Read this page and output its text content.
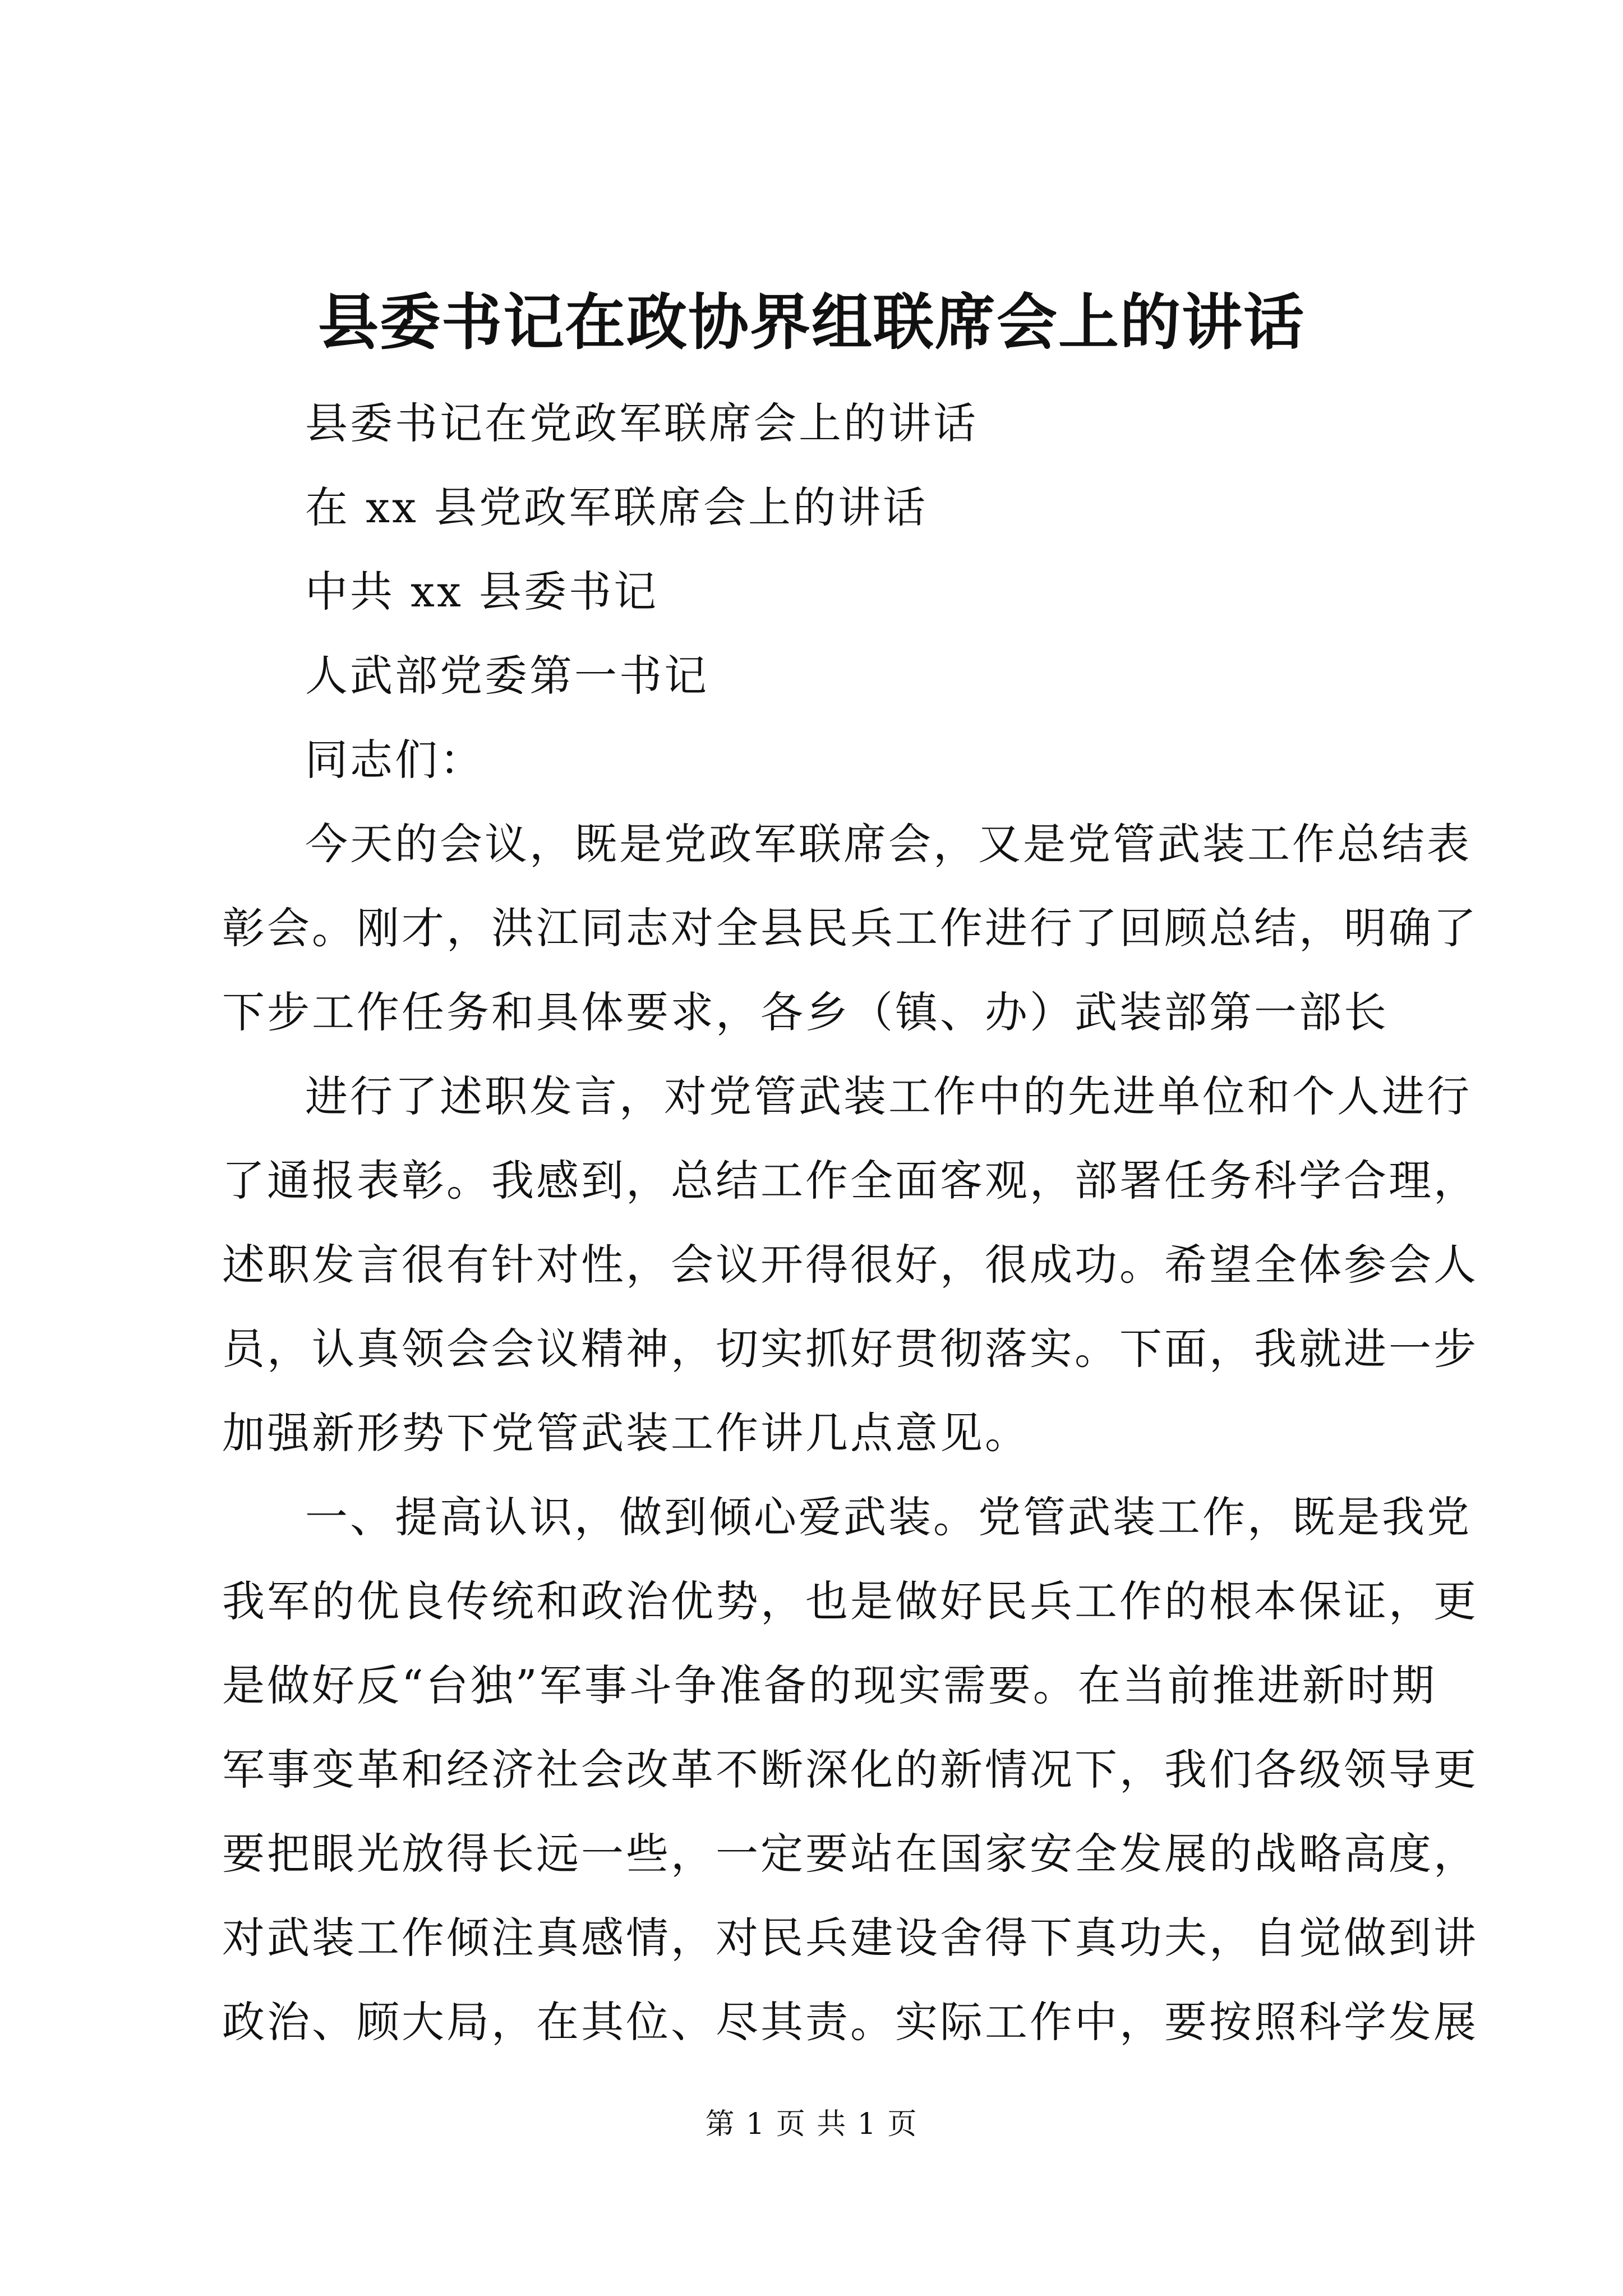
县委书记在政协界组联席会上的讲话
县委书记在党政军联席会上的讲话
在 xx 县党政军联席会上的讲话
中共 xx 县委书记
人武部党委第一书记
同志们：
今天的会议，既是党政军联席会，又是党管武装工作总结表
彰会。刚才，洪江同志对全县民兵工作进行了回顾总结，明确了
下步工作任务和具体要求，各乡（镇、办）武装部第一部长
进行了述职发言，对党管武装工作中的先进单位和个人进行
了通报表彰。我感到，总结工作全面客观，部署任务科学合理，
述职发言很有针对性，会议开得很好，很成功。希望全体参会人
员，认真领会会议精神，切实抓好贯彻落实。下面，我就进一步
加强新形势下党管武装工作讲几点意见。
一、提高认识，做到倾心爱武装。党管武装工作，既是我党
我军的优良传统和政治优势，也是做好民兵工作的根本保证，更
是做好反“台独”军事斗争准备的现实需要。在当前推进新时期
军事变革和经济社会改革不断深化的新情况下，我们各级领导更
要把眼光放得长远一些，一定要站在国家安全发展的战略高度，
对武装工作倾注真感情，对民兵建设舍得下真功夫，自觉做到讲
政治、顾大局，在其位、尽其责。实际工作中，要按照科学发展
第 1 页 共 1 页
